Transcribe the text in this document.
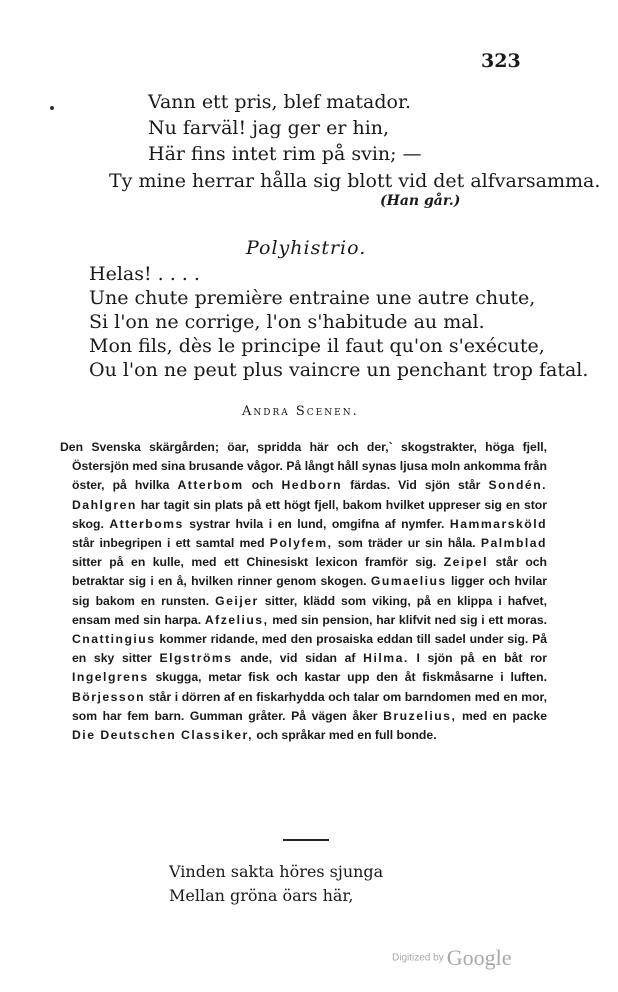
323
Vann ett pris, blef matador.
Nu farväl! jag ger er hin,
Här fins intet rim på svin; —
Ty mine herrar hålla sig blott vid det alfvarsamma.
(Han går.)
Polyhistrio.
Helas! . . . .
Une chute première entraine une autre chute,
Si l'on ne corrige, l'on s'habitude au mal.
Mon fils, dès le principe il faut qu'on s'exécute,
Ou l'on ne peut plus vaincre un penchant trop fatal.
Andra Scenen.

Den Svenska skärgården; öar, spridda här och der,` skogstrakter, höga fjell, Östersjön med sina brusande vågor. På långt håll synas ljusa moln ankomma från öster, på hvilka Atterbom och Hedborn färdas. Vid sjön står Sondén. Dahlgren har tagit sin plats på ett högt fjell, bakom hvilket uppreser sig en stor skog. Atterboms systrar hvila i en lund, omgifna af nymfer. Hammarsköld står inbegripen i ett samtal med Polyfem, som träder ur sin håla. Palmblad sitter på en kulle, med ett Chinesiskt lexicon framför sig. Zeipel står och betraktar sig i en å, hvilken rinner genom skogen. Gumaelius ligger och hvilar sig bakom en runsten. Geijer sitter, klädd som viking, på en klippa i hafvet, ensam med sin harpa. Afzelius, med sin pension, har klifvit ned sig i ett moras. Cnattingius kommer ridande, med den prosaiska eddan till sadel under sig. På en sky sitter Elgströms ande, vid sidan af Hilma. I sjön på en båt ror Ingelgrens skugga, metar fisk och kastar upp den åt fiskmåsarne i luften. Börjesson står i dörren af en fiskarhydda och talar om barndomen med en mor, som har fem barn. Gumman gråter. På vägen åker Bruzelius, med en packe Die Deutschen Classiker, och språkar med en full bonde.

Vinden sakta höres sjunga
Mellan gröna öars här,
Digitized by Google
